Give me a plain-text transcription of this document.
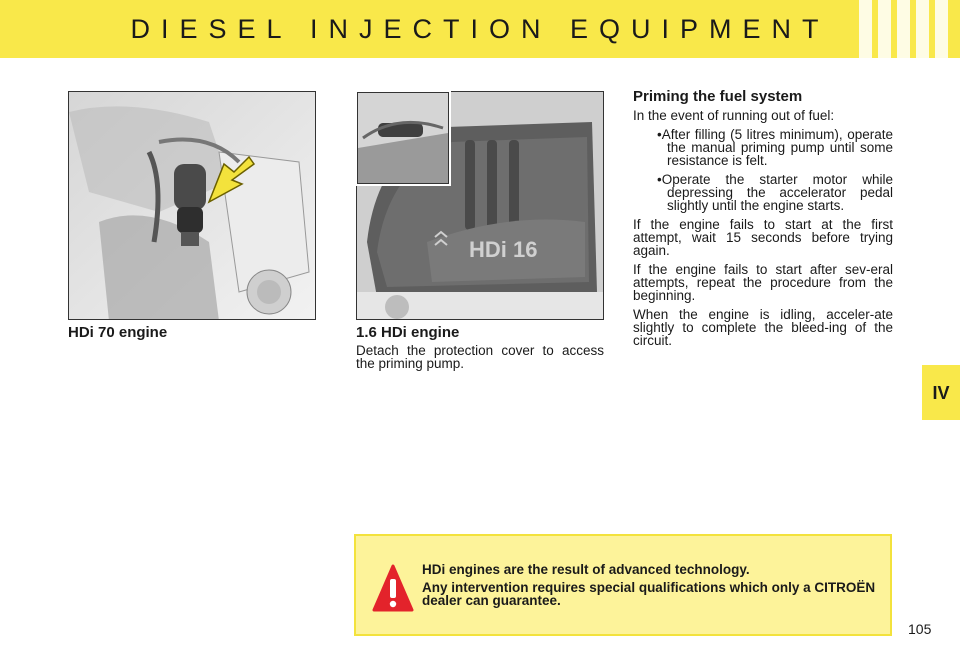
DIESEL INJECTION EQUIPMENT
IV
HDi 16
HDi 70 engine	1.6 HDi engine

Detach the protection cover to access the priming pump.

Priming the fuel system

In the event of running out of fuel:

• After filling (5 litres minimum), operate the manual priming pump until some resistance is felt.
• Operate the starter motor while depressing the accelerator pedal slightly until the engine starts.

If the engine fails to start at the first attempt, wait 15 seconds before trying again.

If the engine fails to start after sev-eral attempts, repeat the procedure from the beginning.

When the engine is idling, acceler-ate slightly to complete the bleed-ing of the circuit.

HDi engines are the result of advanced technology.

Any intervention requires special qualifications which only a CITROËN dealer can guarantee.

105
